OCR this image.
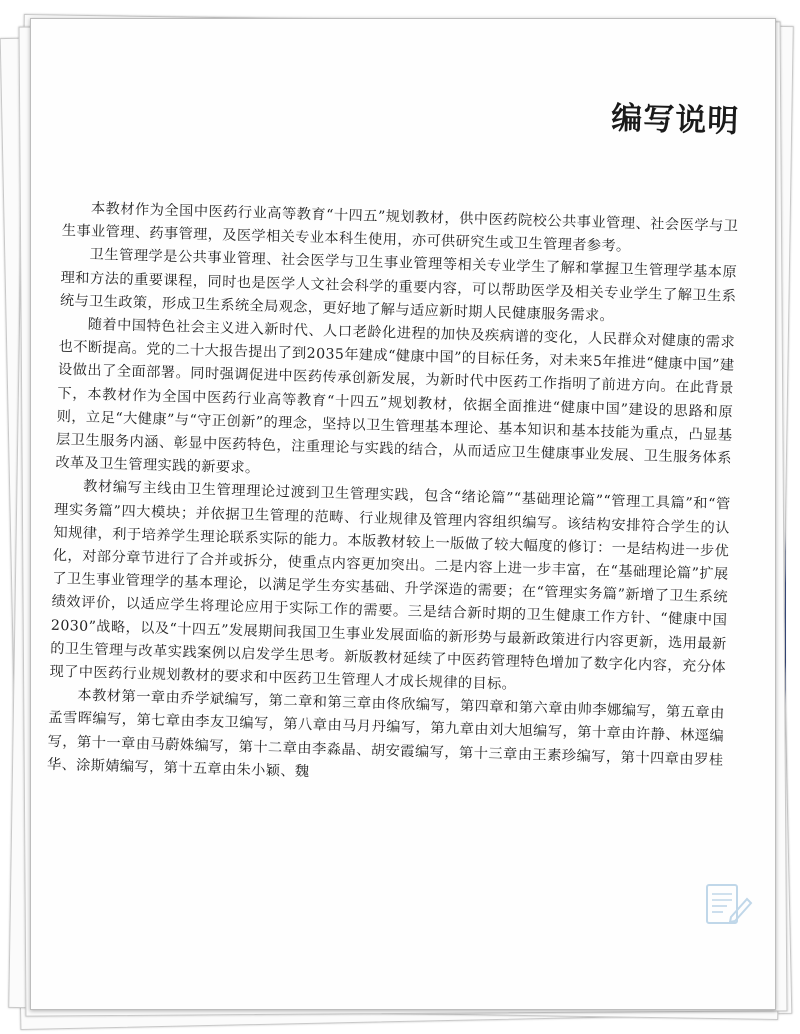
编写说明

本教材作为全国中医药行业高等教育“十四五”规划教材，供中医药院校公共事业管理、社会医学与卫生事业管理、药事管理，及医学相关专业本科生使用，亦可供研究生或卫生管理者参考。

卫生管理学是公共事业管理、社会医学与卫生事业管理等相关专业学生了解和掌握卫生管理学基本原理和方法的重要课程，同时也是医学人文社会科学的重要内容，可以帮助医学及相关专业学生了解卫生系统与卫生政策，形成卫生系统全局观念，更好地了解与适应新时期人民健康服务需求。

随着中国特色社会主义进入新时代、人口老龄化进程的加快及疾病谱的变化，人民群众对健康的需求也不断提高。党的二十大报告提出了到2035年建成“健康中国”的目标任务，对未来5年推进“健康中国”建设做出了全面部署。同时强调促进中医药传承创新发展，为新时代中医药工作指明了前进方向。在此背景下，本教材作为全国中医药行业高等教育“十四五”规划教材，依据全面推进“健康中国”建设的思路和原则，立足“大健康”与“守正创新”的理念，坚持以卫生管理基本理论、基本知识和基本技能为重点，凸显基层卫生服务内涵、彰显中医药特色，注重理论与实践的结合，从而适应卫生健康事业发展、卫生服务体系改革及卫生管理实践的新要求。

教材编写主线由卫生管理理论过渡到卫生管理实践，包含“绪论篇”“基础理论篇”“管理工具篇”和“管理实务篇”四大模块；并依据卫生管理的范畴、行业规律及管理内容组织编写。该结构安排符合学生的认知规律，利于培养学生理论联系实际的能力。本版教材较上一版做了较大幅度的修订：一是结构进一步优化，对部分章节进行了合并或拆分，使重点内容更加突出。二是内容上进一步丰富，在“基础理论篇”扩展了卫生事业管理学的基本理论，以满足学生夯实基础、升学深造的需要；在“管理实务篇”新增了卫生系统绩效评价，以适应学生将理论应用于实际工作的需要。三是结合新时期的卫生健康工作方针、“健康中国2030”战略，以及“十四五”发展期间我国卫生事业发展面临的新形势与最新政策进行内容更新，选用最新的卫生管理与改革实践案例以启发学生思考。新版教材延续了中医药管理特色增加了数字化内容，充分体现了中医药行业规划教材的要求和中医药卫生管理人才成长规律的目标。

本教材第一章由乔学斌编写，第二章和第三章由佟欣编写，第四章和第六章由帅李娜编写，第五章由孟雪晖编写，第七章由李友卫编写，第八章由马月丹编写，第九章由刘大旭编写，第十章由许静、林逕编写，第十一章由马蔚姝编写，第十二章由李淼晶、胡安霞编写，第十三章由王素珍编写，第十四章由罗桂华、涂斯婧编写，第十五章由朱小颖、魏
